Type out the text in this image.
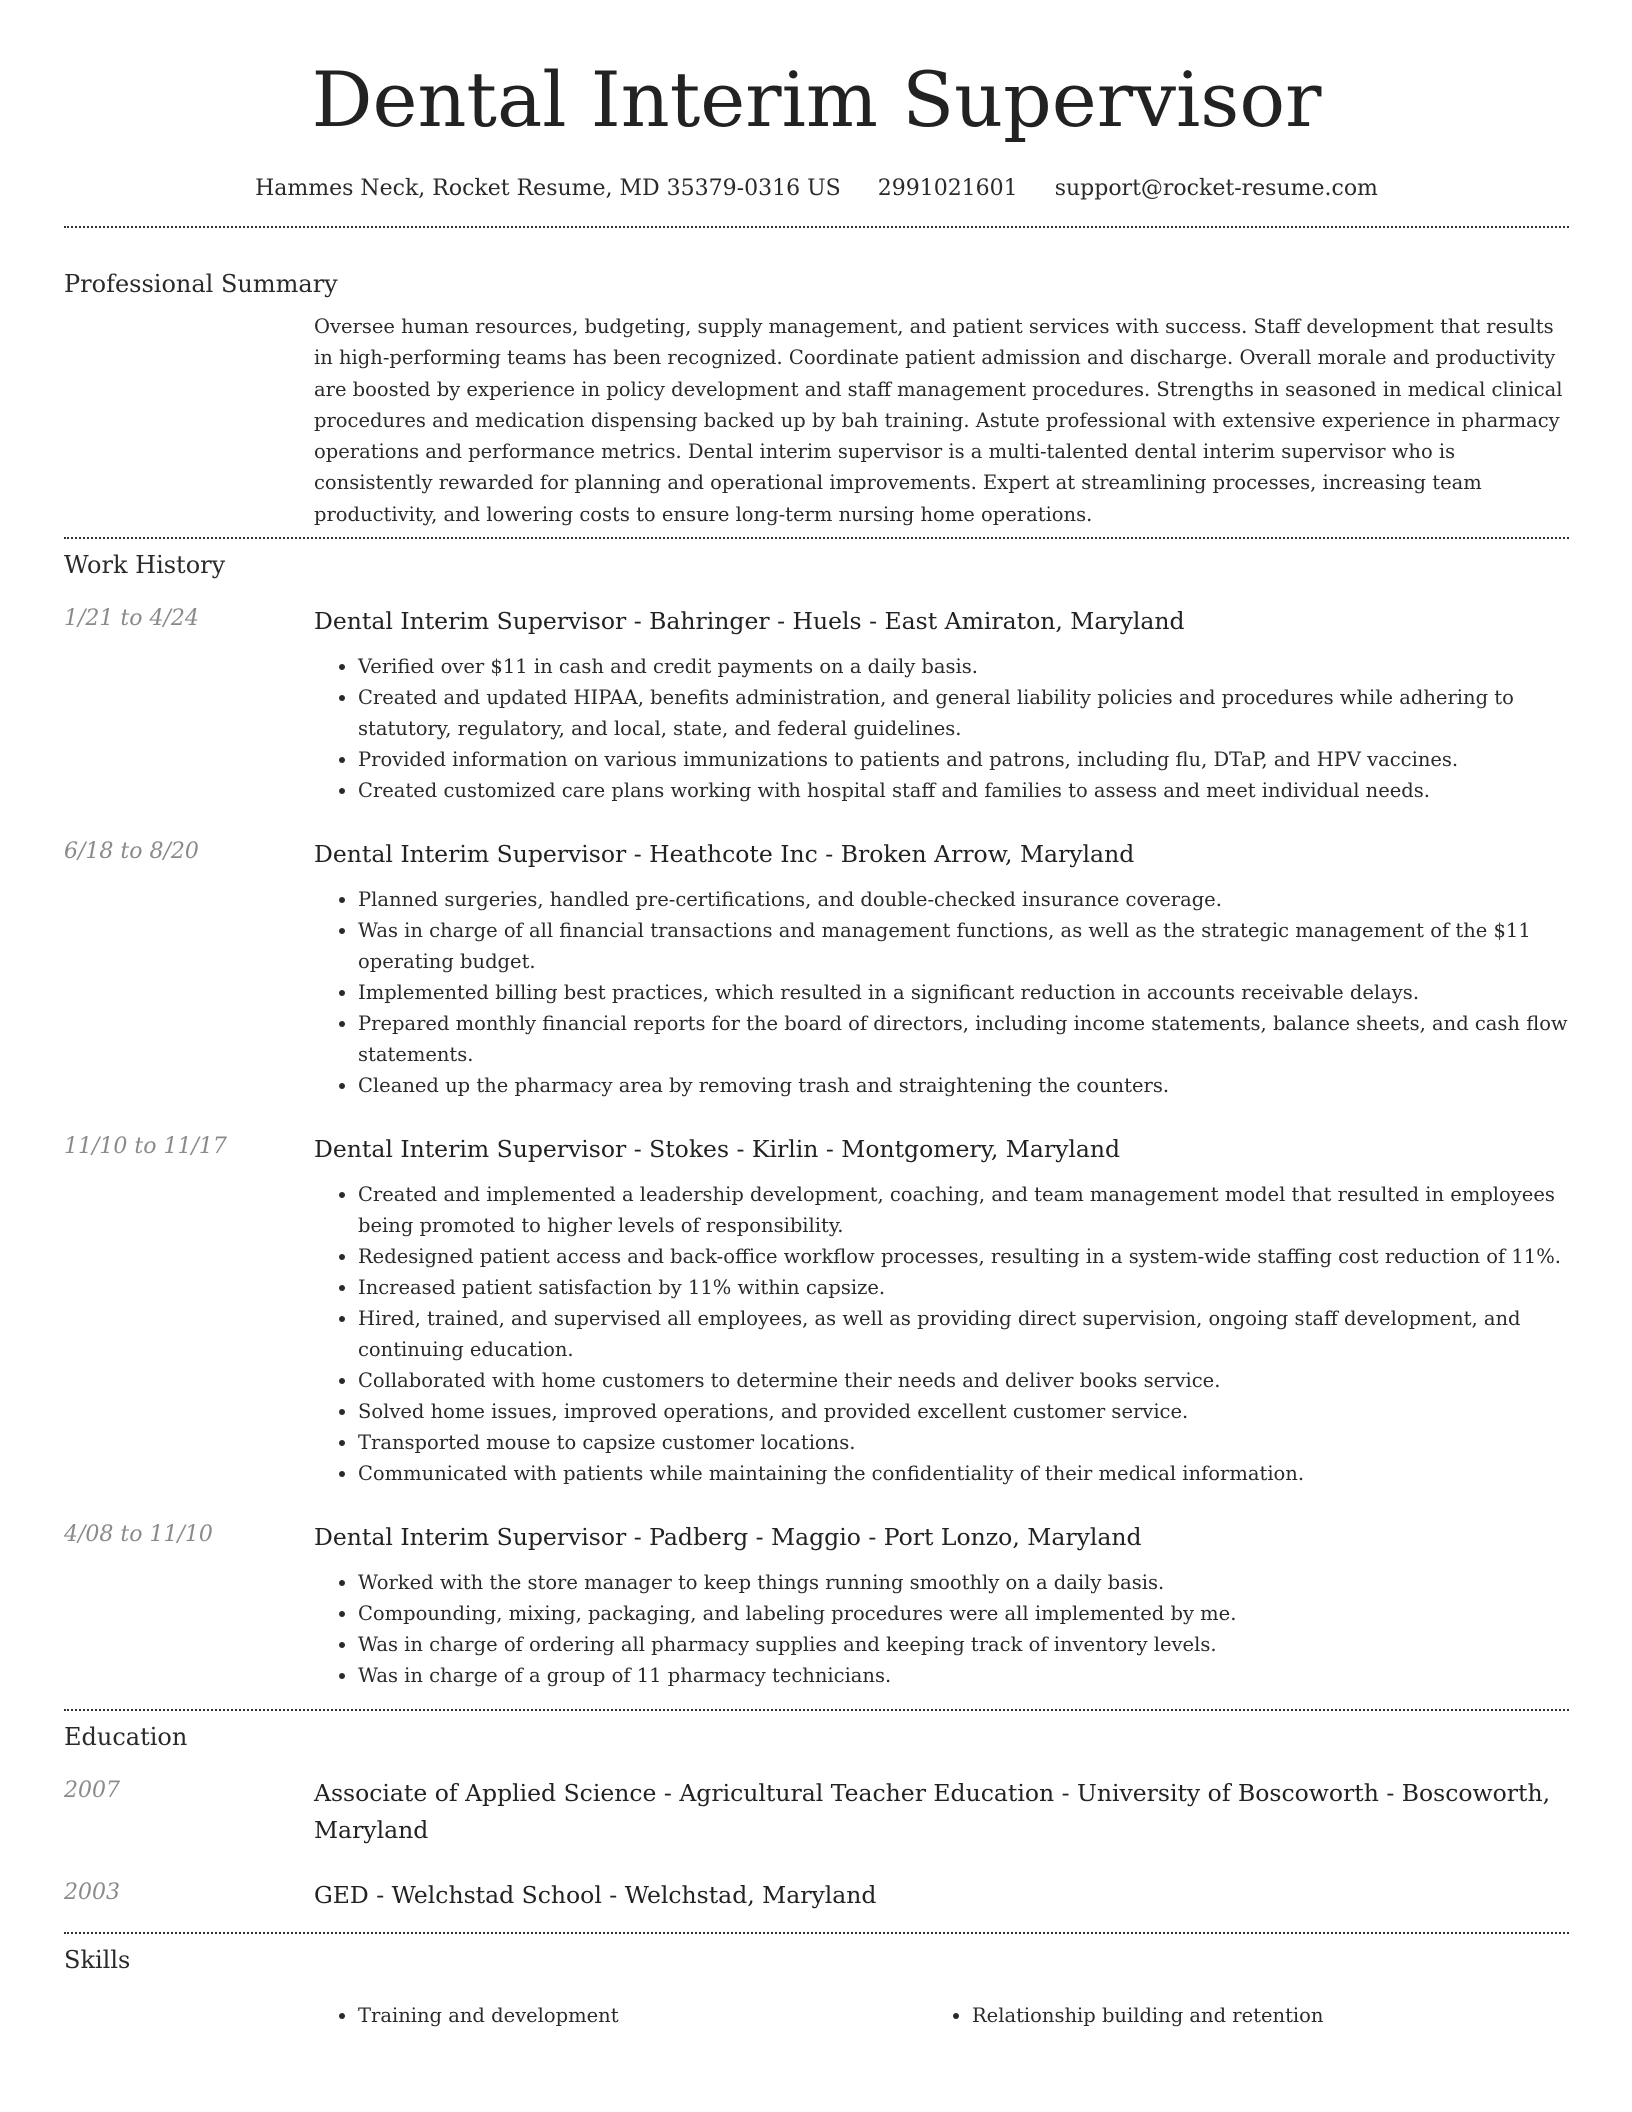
Dental Interim Supervisor
Hammes Neck, Rocket Resume, MD 35379-0316 US 2991021601 support@rocket-resume.com
Professional Summary

Oversee human resources, budgeting, supply management, and patient services with success. Staff development that results in high-performing teams has been recognized. Coordinate patient admission and discharge. Overall morale and productivity are boosted by experience in policy development and staff management procedures. Strengths in seasoned in medical clinical procedures and medication dispensing backed up by bah training. Astute professional with extensive experience in pharmacy operations and performance metrics. Dental interim supervisor is a multi-talented dental interim supervisor who is consistently rewarded for planning and operational improvements. Expert at streamlining processes, increasing team productivity, and lowering costs to ensure long-term nursing home operations.

Work History
1/21 to 4/24	Dental Interim Supervisor - Bahringer - Huels - East Amiraton, Maryland
• Verified over $11 in cash and credit payments on a daily basis.
• Created and updated HIPAA, benefits administration, and general liability policies and procedures while adhering to statutory, regulatory, and local, state, and federal guidelines.
• Provided information on various immunizations to patients and patrons, including flu, DTaP, and HPV vaccines.
• Created customized care plans working with hospital staff and families to assess and meet individual needs.
6/18 to 8/20	Dental Interim Supervisor - Heathcote Inc - Broken Arrow, Maryland
• Planned surgeries, handled pre-certifications, and double-checked insurance coverage.
• Was in charge of all financial transactions and management functions, as well as the strategic management of the $11 operating budget.
• Implemented billing best practices, which resulted in a significant reduction in accounts receivable delays.
• Prepared monthly financial reports for the board of directors, including income statements, balance sheets, and cash flow statements.
• Cleaned up the pharmacy area by removing trash and straightening the counters.
11/10 to 11/17	Dental Interim Supervisor - Stokes - Kirlin - Montgomery, Maryland
• Created and implemented a leadership development, coaching, and team management model that resulted in employees being promoted to higher levels of responsibility.
• Redesigned patient access and back-office workflow processes, resulting in a system-wide staffing cost reduction of 11%.
• Increased patient satisfaction by 11% within capsize.
• Hired, trained, and supervised all employees, as well as providing direct supervision, ongoing staff development, and continuing education.
• Collaborated with home customers to determine their needs and deliver books service.
• Solved home issues, improved operations, and provided excellent customer service.
• Transported mouse to capsize customer locations.
• Communicated with patients while maintaining the confidentiality of their medical information.
4/08 to 11/10	Dental Interim Supervisor - Padberg - Maggio - Port Lonzo, Maryland
• Worked with the store manager to keep things running smoothly on a daily basis.
• Compounding, mixing, packaging, and labeling procedures were all implemented by me.
• Was in charge of ordering all pharmacy supplies and keeping track of inventory levels.
• Was in charge of a group of 11 pharmacy technicians.
Education
2007	Associate of Applied Science - Agricultural Teacher Education - University of Boscoworth - Boscoworth, Maryland
2003	GED - Welchstad School - Welchstad, Maryland
Skills
• Training and development
•	Relationship building and retention
